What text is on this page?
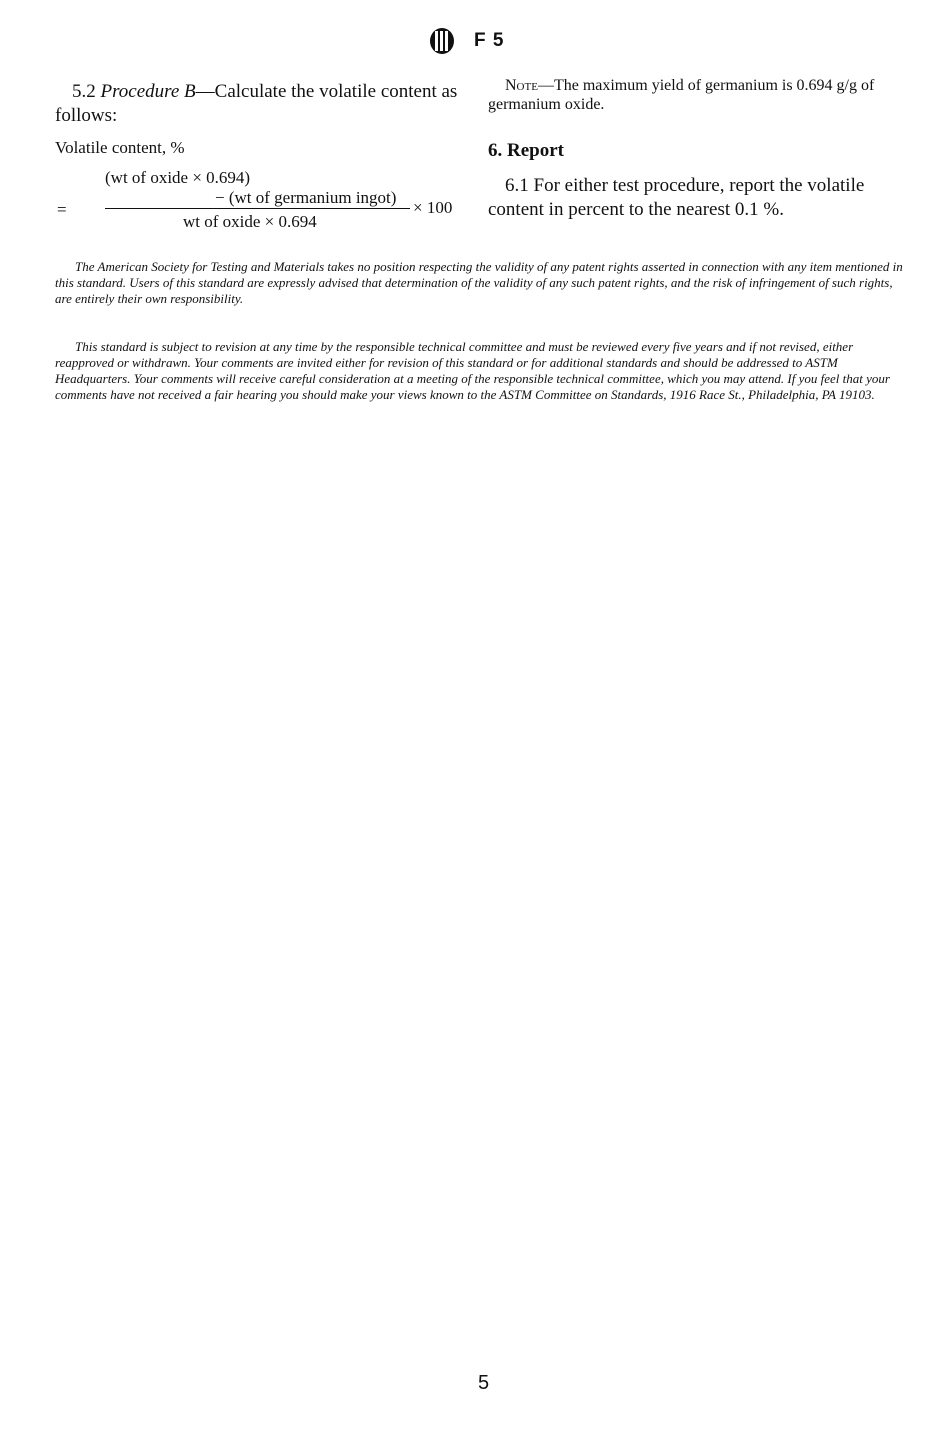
F 5

5.2 Procedure B—Calculate the volatile content as follows:

Volatile content, %
(wt of oxide × 0.694)
− (wt of germanium ingot)
=
wt of oxide × 0.694
× 100

Note—The maximum yield of germanium is 0.694 g/g of germanium oxide.

6. Report

6.1 For either test procedure, report the volatile content in percent to the nearest 0.1 %.

The American Society for Testing and Materials takes no position respecting the validity of any patent rights asserted in connection with any item mentioned in this standard. Users of this standard are expressly advised that determination of the validity of any such patent rights, and the risk of infringement of such rights, are entirely their own responsibility.

This standard is subject to revision at any time by the responsible technical committee and must be reviewed every five years and if not revised, either reapproved or withdrawn. Your comments are invited either for revision of this standard or for additional standards and should be addressed to ASTM Headquarters. Your comments will receive careful consideration at a meeting of the responsible technical committee, which you may attend. If you feel that your comments have not received a fair hearing you should make your views known to the ASTM Committee on Standards, 1916 Race St., Philadelphia, PA 19103.

5
